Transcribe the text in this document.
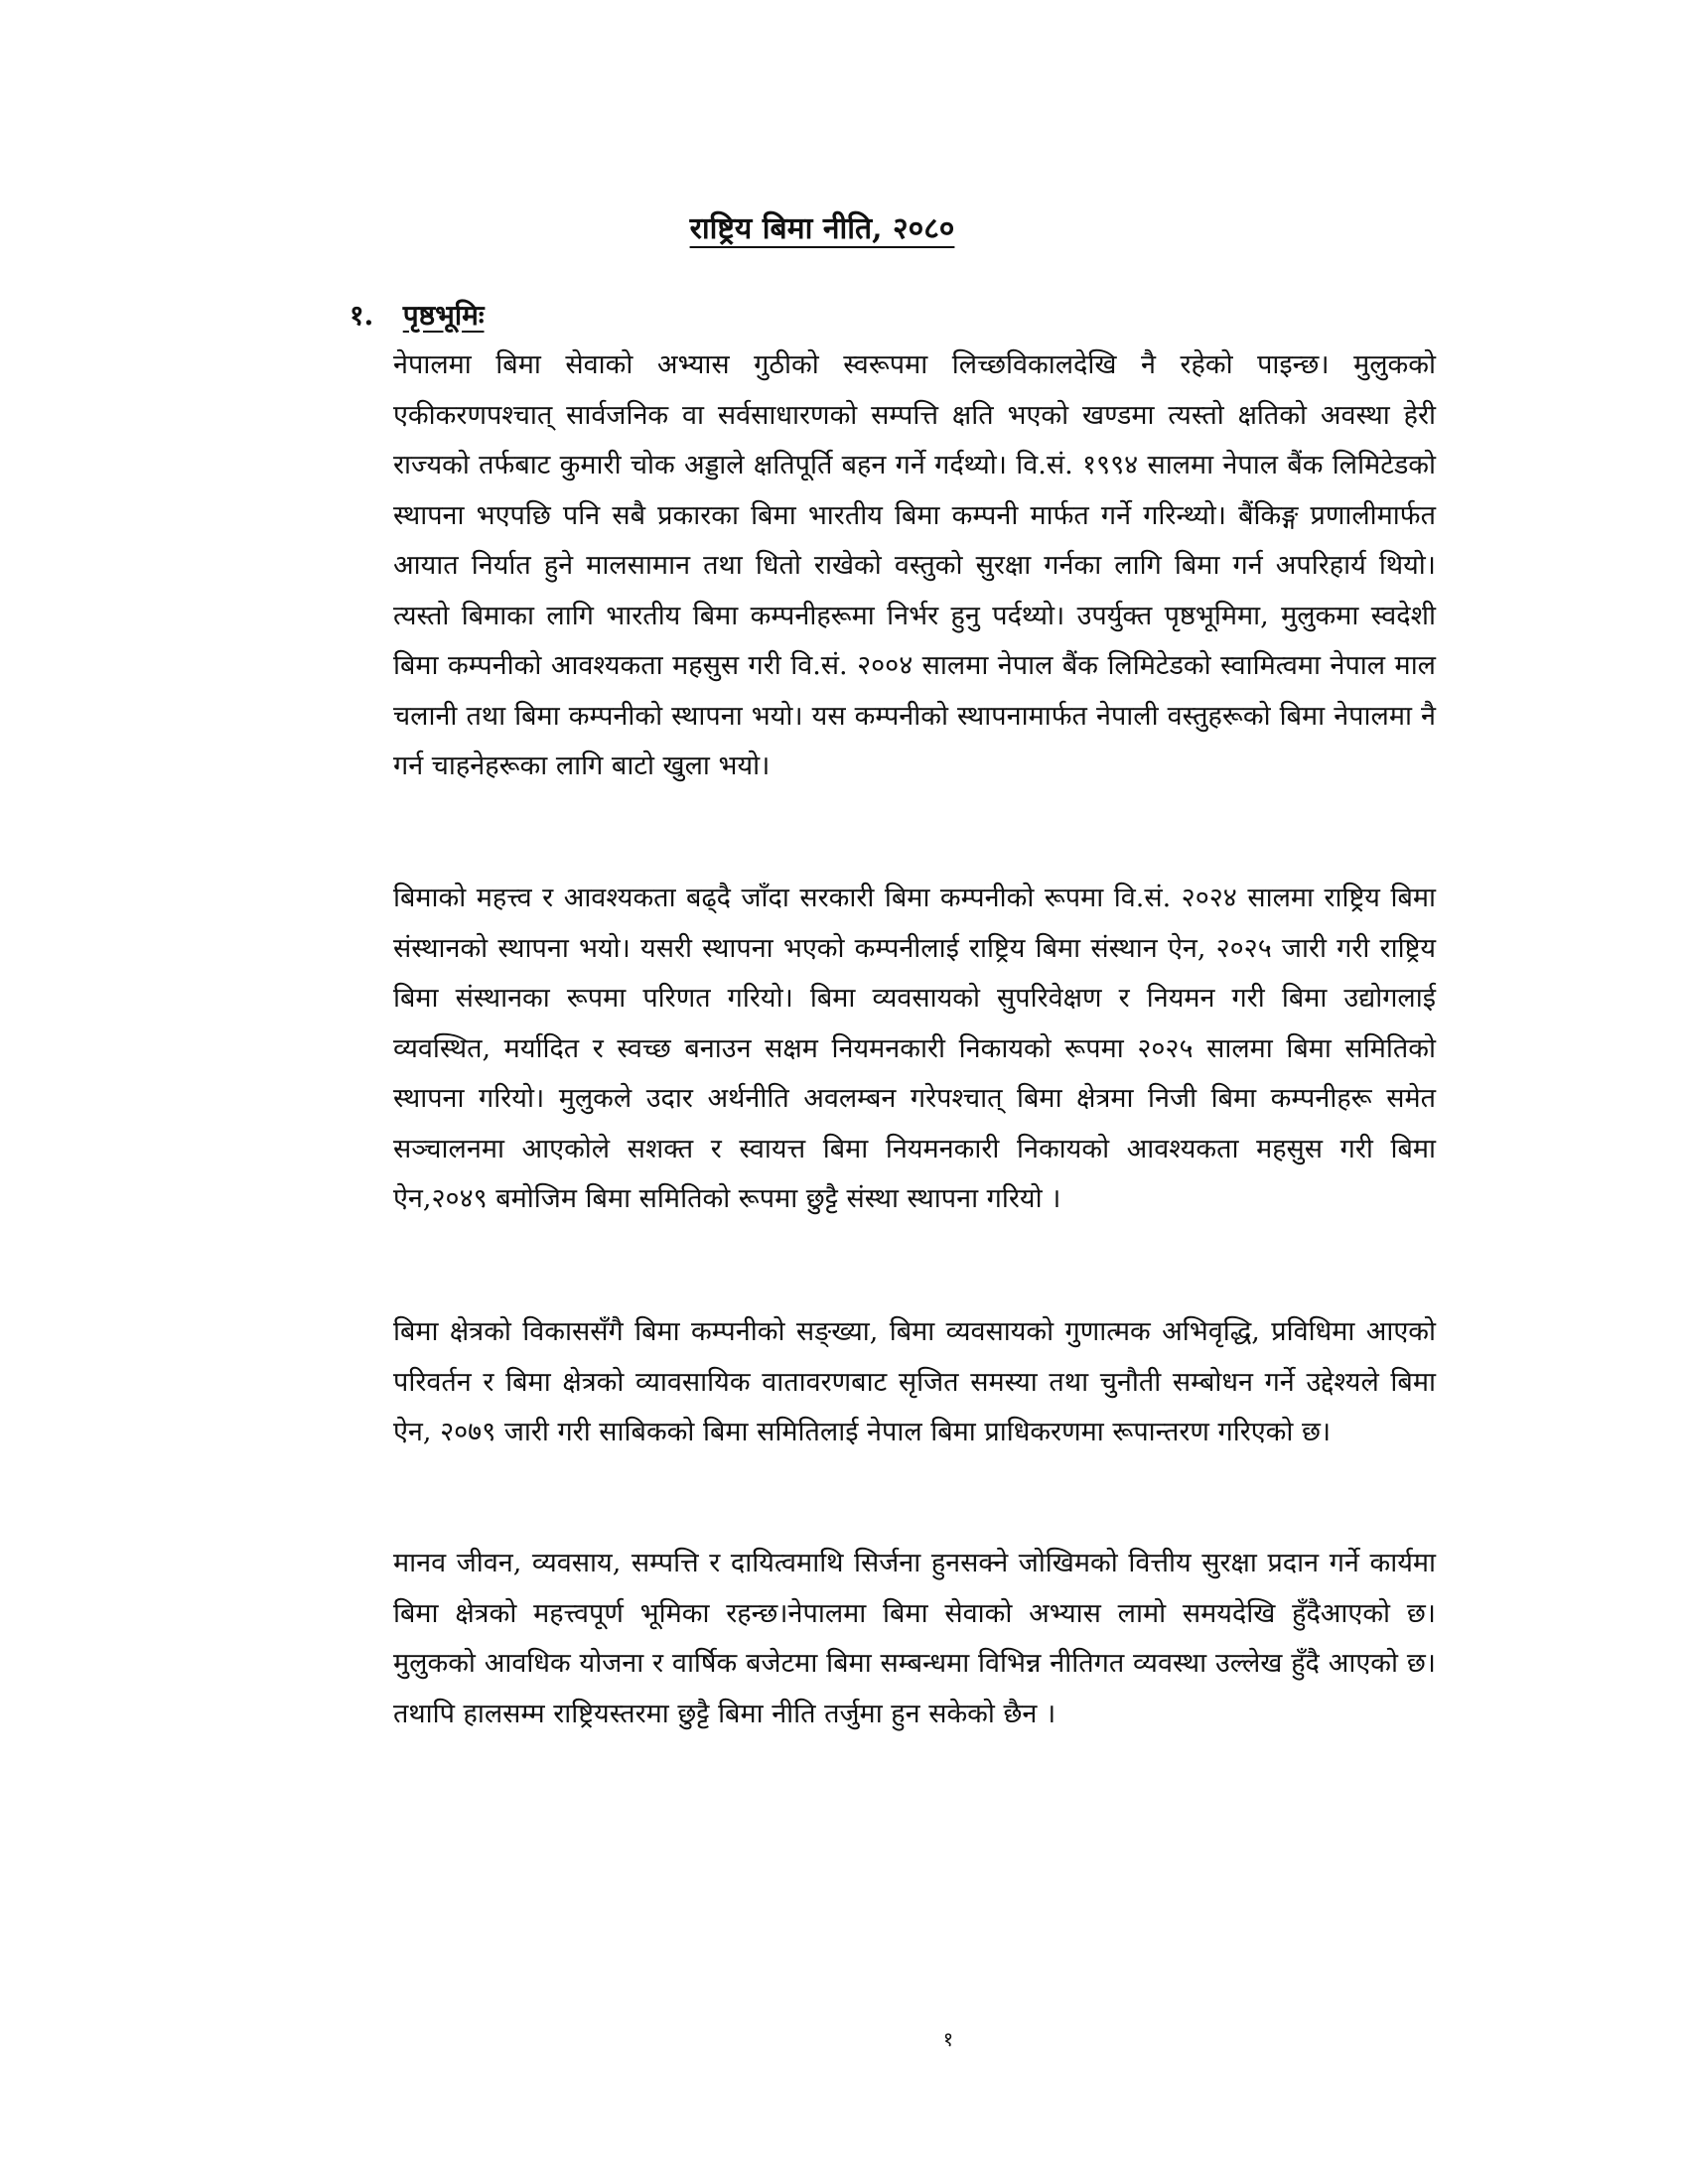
राष्ट्रिय बिमा नीति, २०८०
१. पृष्ठभूमिः

नेपालमा बिमा सेवाको अभ्यास गुठीको स्वरूपमा लिच्छविकालदेखि नै रहेको पाइन्छ। मुलुकको एकीकरणपश्चात् सार्वजनिक वा सर्वसाधारणको सम्पत्ति क्षति भएको खण्डमा त्यस्तो क्षतिको अवस्था हेरी राज्यको तर्फबाट कुमारी चोक अड्डाले क्षतिपूर्ति बहन गर्ने गर्दथ्यो। वि.सं. १९९४ सालमा नेपाल बैंक लिमिटेडको स्थापना भएपछि पनि सबै प्रकारका बिमा भारतीय बिमा कम्पनी मार्फत गर्ने गरिन्थ्यो। बैंकिङ्ग प्रणालीमार्फत आयात निर्यात हुने मालसामान तथा धितो राखेको वस्तुको सुरक्षा गर्नका लागि बिमा गर्न अपरिहार्य थियो। त्यस्तो बिमाका लागि भारतीय बिमा कम्पनीहरूमा निर्भर हुनु पर्दथ्यो। उपर्युक्त पृष्ठभूमिमा, मुलुकमा स्वदेशी बिमा कम्पनीको आवश्यकता महसुस गरी वि.सं. २००४ सालमा नेपाल बैंक लिमिटेडको स्वामित्वमा नेपाल माल चलानी तथा बिमा कम्पनीको स्थापना भयो। यस कम्पनीको स्थापनामार्फत नेपाली वस्तुहरूको बिमा नेपालमा नै गर्न चाहनेहरूका लागि बाटो खुला भयो।

बिमाको महत्त्व र आवश्यकता बढ्दै जाँदा सरकारी बिमा कम्पनीको रूपमा वि.सं. २०२४ सालमा राष्ट्रिय बिमा संस्थानको स्थापना भयो। यसरी स्थापना भएको कम्पनीलाई राष्ट्रिय बिमा संस्थान ऐन, २०२५ जारी गरी राष्ट्रिय बिमा संस्थानका रूपमा परिणत गरियो। बिमा व्यवसायको सुपरिवेक्षण र नियमन गरी बिमा उद्योगलाई व्यवस्थित, मर्यादित र स्वच्छ बनाउन सक्षम नियमनकारी निकायको रूपमा २०२५ सालमा बिमा समितिको स्थापना गरियो। मुलुकले उदार अर्थनीति अवलम्बन गरेपश्चात् बिमा क्षेत्रमा निजी बिमा कम्पनीहरू समेत सञ्चालनमा आएकोले सशक्त र स्वायत्त बिमा नियमनकारी निकायको आवश्यकता महसुस गरी बिमा ऐन,२०४९ बमोजिम बिमा समितिको रूपमा छुट्टै संस्था स्थापना गरियो ।

बिमा क्षेत्रको विकाससँगै बिमा कम्पनीको सङ्ख्या, बिमा व्यवसायको गुणात्मक अभिवृद्धि, प्रविधिमा आएको परिवर्तन र बिमा क्षेत्रको व्यावसायिक वातावरणबाट सृजित समस्या तथा चुनौती सम्बोधन गर्ने उद्देश्यले बिमा ऐन, २०७९ जारी गरी साबिकको बिमा समितिलाई नेपाल बिमा प्राधिकरणमा रूपान्तरण गरिएको छ।

मानव जीवन, व्यवसाय, सम्पत्ति र दायित्वमाथि सिर्जना हुनसक्ने जोखिमको वित्तीय सुरक्षा प्रदान गर्ने कार्यमा बिमा क्षेत्रको महत्त्वपूर्ण भूमिका रहन्छ।नेपालमा बिमा सेवाको अभ्यास लामो समयदेखि हुँदैआएको छ। मुलुकको आवधिक योजना र वार्षिक बजेटमा बिमा सम्बन्धमा विभिन्न नीतिगत व्यवस्था उल्लेख हुँदै आएको छ। तथापि हालसम्म राष्ट्रियस्तरमा छुट्टै बिमा नीति तर्जुमा हुन सकेको छैन ।

१
